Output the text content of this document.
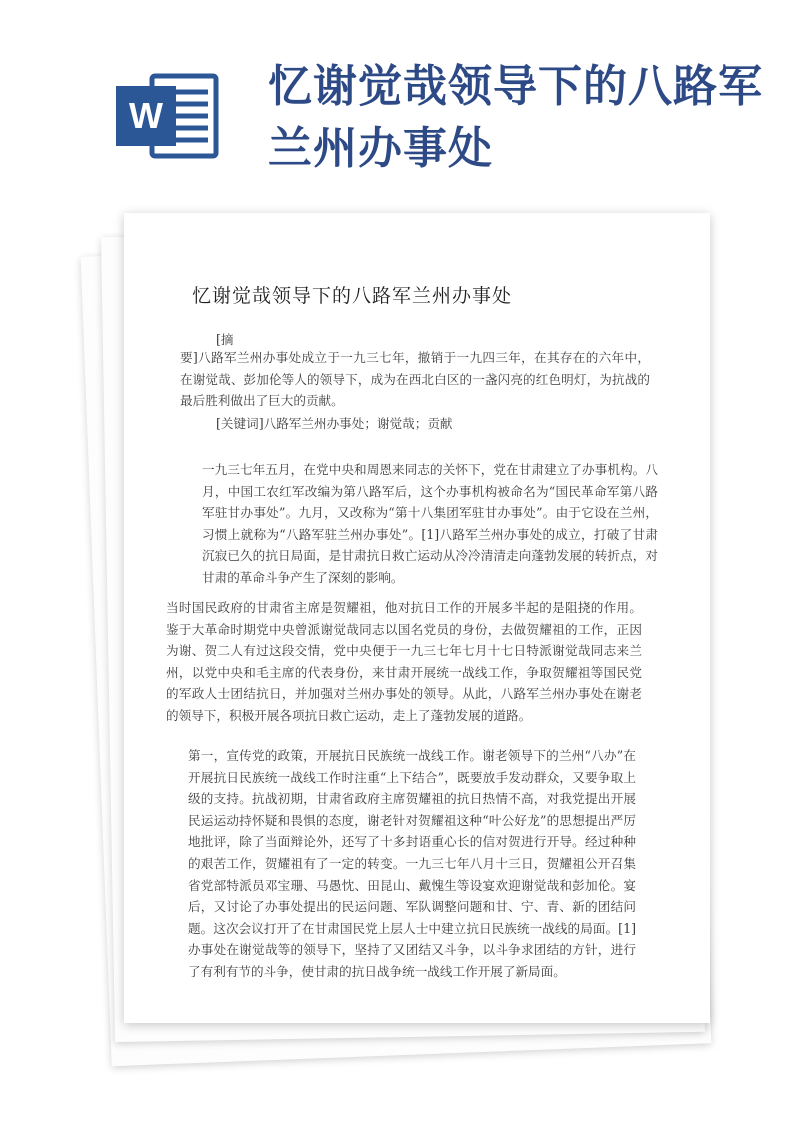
W
忆谢觉哉领导下的八路军兰州办事处
忆谢觉哉领导下的八路军兰州办事处

[摘

要]八路军兰州办事处成立于一九三七年，撤销于一九四三年，在其存在的六年中，在谢觉哉、彭加伦等人的领导下，成为在西北白区的一盏闪亮的红色明灯，为抗战的最后胜利做出了巨大的贡献。

[关键词]八路军兰州办事处；谢觉哉；贡献

一九三七年五月，在党中央和周恩来同志的关怀下，党在甘肃建立了办事机构。八月，中国工农红军改编为第八路军后，这个办事机构被命名为“国民革命军第八路军驻甘办事处”。九月，又改称为“第十八集团军驻甘办事处”。由于它设在兰州，习惯上就称为“八路军驻兰州办事处”。[1]八路军兰州办事处的成立，打破了甘肃沉寂已久的抗日局面，是甘肃抗日救亡运动从冷冷清清走向蓬勃发展的转折点，对甘肃的革命斗争产生了深刻的影响。

当时国民政府的甘肃省主席是贺耀祖，他对抗日工作的开展多半起的是阻挠的作用。鉴于大革命时期党中央曾派谢觉哉同志以国名党员的身份，去做贺耀祖的工作，正因为谢、贺二人有过这段交情，党中央便于一九三七年七月十七日特派谢觉哉同志来兰州，以党中央和毛主席的代表身份，来甘肃开展统一战线工作，争取贺耀祖等国民党的军政人士团结抗日，并加强对兰州办事处的领导。从此，八路军兰州办事处在谢老的领导下，积极开展各项抗日救亡运动，走上了蓬勃发展的道路。

第一，宣传党的政策，开展抗日民族统一战线工作。谢老领导下的兰州“八办”在开展抗日民族统一战线工作时注重“上下结合”，既要放手发动群众，又要争取上级的支持。抗战初期，甘肃省政府主席贺耀祖的抗日热情不高，对我党提出开展民运运动持怀疑和畏惧的态度，谢老针对贺耀祖这种“叶公好龙”的思想提出严厉地批评，除了当面辩论外，还写了十多封语重心长的信对贺进行开导。经过种种的艰苦工作，贺耀祖有了一定的转变。一九三七年八月十三日，贺耀祖公开召集省党部特派员邓宝珊、马愚忱、田昆山、戴愧生等设宴欢迎谢觉哉和彭加伦。宴后，又讨论了办事处提出的民运问题、军队调整问题和甘、宁、青、新的团结问题。这次会议打开了在甘肃国民党上层人士中建立抗日民族统一战线的局面。[1]办事处在谢觉哉等的领导下，坚持了又团结又斗争，以斗争求团结的方针，进行了有利有节的斗争，使甘肃的抗日战争统一战线工作开展了新局面。
